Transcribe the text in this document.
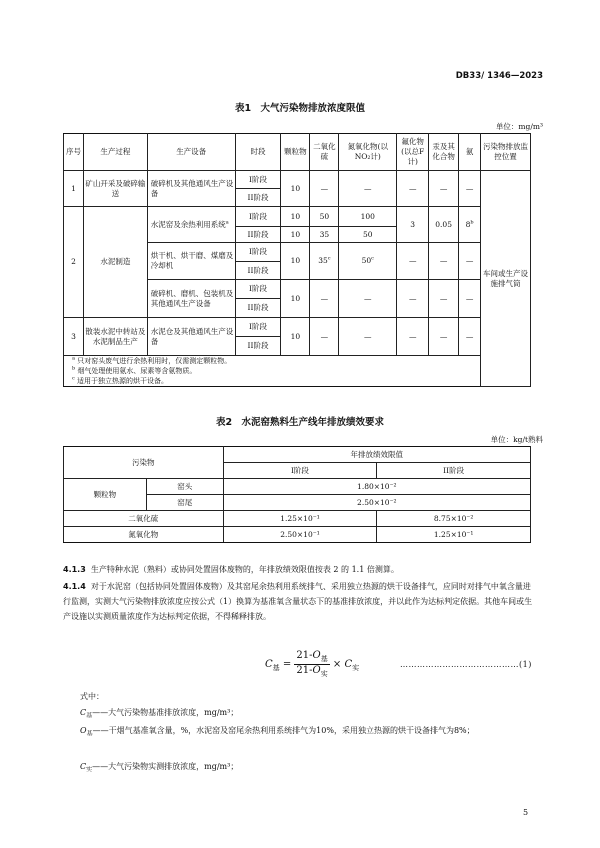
DB33/ 1346—2023
表1　大气污染物排放浓度限值
单位：mg/m³
序号	生产过程	生产设备	时段	颗粒物	二氧化硫	氮氧化物(以NO₂计)	氟化物(以总F计)	汞及其化合物	氨	污染物排放监控位置
1	矿山开采及破碎输送	破碎机及其他通风生产设备	I阶段	10	—	—	—	—	—	车间或生产设施排气筒
			II阶段							
2	水泥制造	水泥窑及余热利用系统$^a$	I阶段	10	50	100	3	0.05	8$^b$
			II阶段	10	35	50				
		烘干机、烘干磨、煤磨及冷却机	I阶段	10	35$^c$	50$^c$	—	—	—	
			II阶段							
		破碎机、磨机、包装机及其他通风生产设备	I阶段	10	—	—	—	—	—	
			II阶段							
3	散装水泥中转站及水泥制品生产	水泥仓及其他通风生产设备	I阶段	10	—	—	—	—	—	
			II阶段							

$^a$ 只对窑头废气进行余热利用时，仅需测定颗粒物。
$^b$ 烟气处理使用氨水、尿素等含氨物质。
$^c$ 适用于独立热源的烘干设备。										
表2　水泥窑熟料生产线年排放绩效要求
单位：kg/t熟料
污染物		年排放绩效限值	
		I阶段	II阶段
颗粒物	窑头	1.80×10⁻²	
	窑尾	2.50×10⁻²	
二氧化硫		1.25×10⁻¹	8.75×10⁻²
氮氧化物		2.50×10⁻¹	1.25×10⁻¹
4.1.3 生产特种水泥（熟料）或协同处置固体废物的，年排放绩效限值按表 2 的 1.1 倍测算。
4.1.4 对于水泥窑（包括协同处置固体废物）及其窑尾余热利用系统排气、采用独立热源的烘干设备排气，应同时对排气中氧含量进行监测，实测大气污染物排放浓度应按公式（1）换算为基准氧含量状态下的基准排放浓度，并以此作为达标判定依据。其他车间或生产设施以实测质量浓度作为达标判定依据，不得稀释排放。
$C_基 = \frac{21-O_基}{21-O_实} \times C_实$	……………………………………(1)
式中：
$C_基——$大气污染物基准排放浓度，mg/m³；
$O_基——$干烟气基准氧含量，%，水泥窑及窑尾余热利用系统排气为10%，采用独立热源的烘干设备排气为8%；
$C_实——$大气污染物实测排放浓度，mg/m³；
5
